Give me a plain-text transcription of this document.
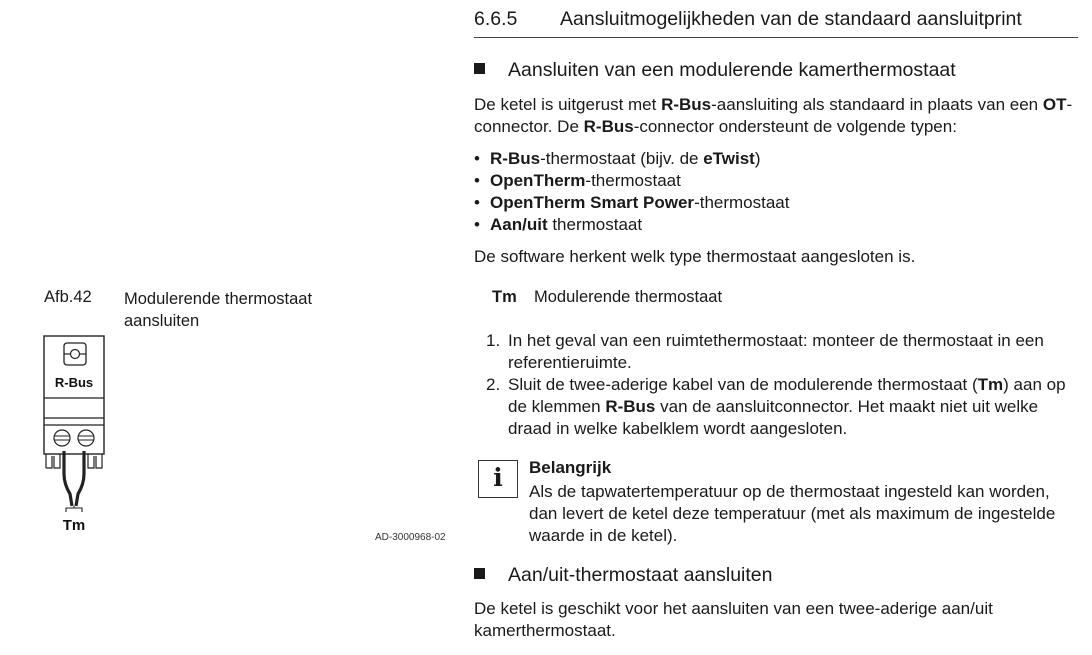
6.6.5 Aansluitmogelijkheden van de standaard aansluitprint
Aansluiten van een modulerende kamerthermostaat
De ketel is uitgerust met R-Bus-aansluiting als standaard in plaats van een OT-connector. De R-Bus-connector ondersteunt de volgende typen:
• R-Bus-thermostaat (bijv. de eTwist)
• OpenTherm-thermostaat
• OpenTherm Smart Power-thermostaat
• Aan/uit thermostaat
De software herkent welk type thermostaat aangesloten is.
Afb.42 Modulerende thermostaat aansluiten
R-Bus
Tm
AD-3000968-02
Tm Modulerende thermostaat
1. In het geval van een ruimtethermostaat: monteer de thermostaat in een referentieruimte.
2. Sluit de twee-aderige kabel van de modulerende thermostaat (Tm) aan op de klemmen R-Bus van de aansluitconnector. Het maakt niet uit welke draad in welke kabelklem wordt aangesloten.
i	Belangrijk
Als de tapwatertemperatuur op de thermostaat ingesteld kan worden, dan levert de ketel deze temperatuur (met als maximum de ingestelde waarde in de ketel).
Aan/uit-thermostaat aansluiten
De ketel is geschikt voor het aansluiten van een twee-aderige aan/uit kamerthermostaat.
